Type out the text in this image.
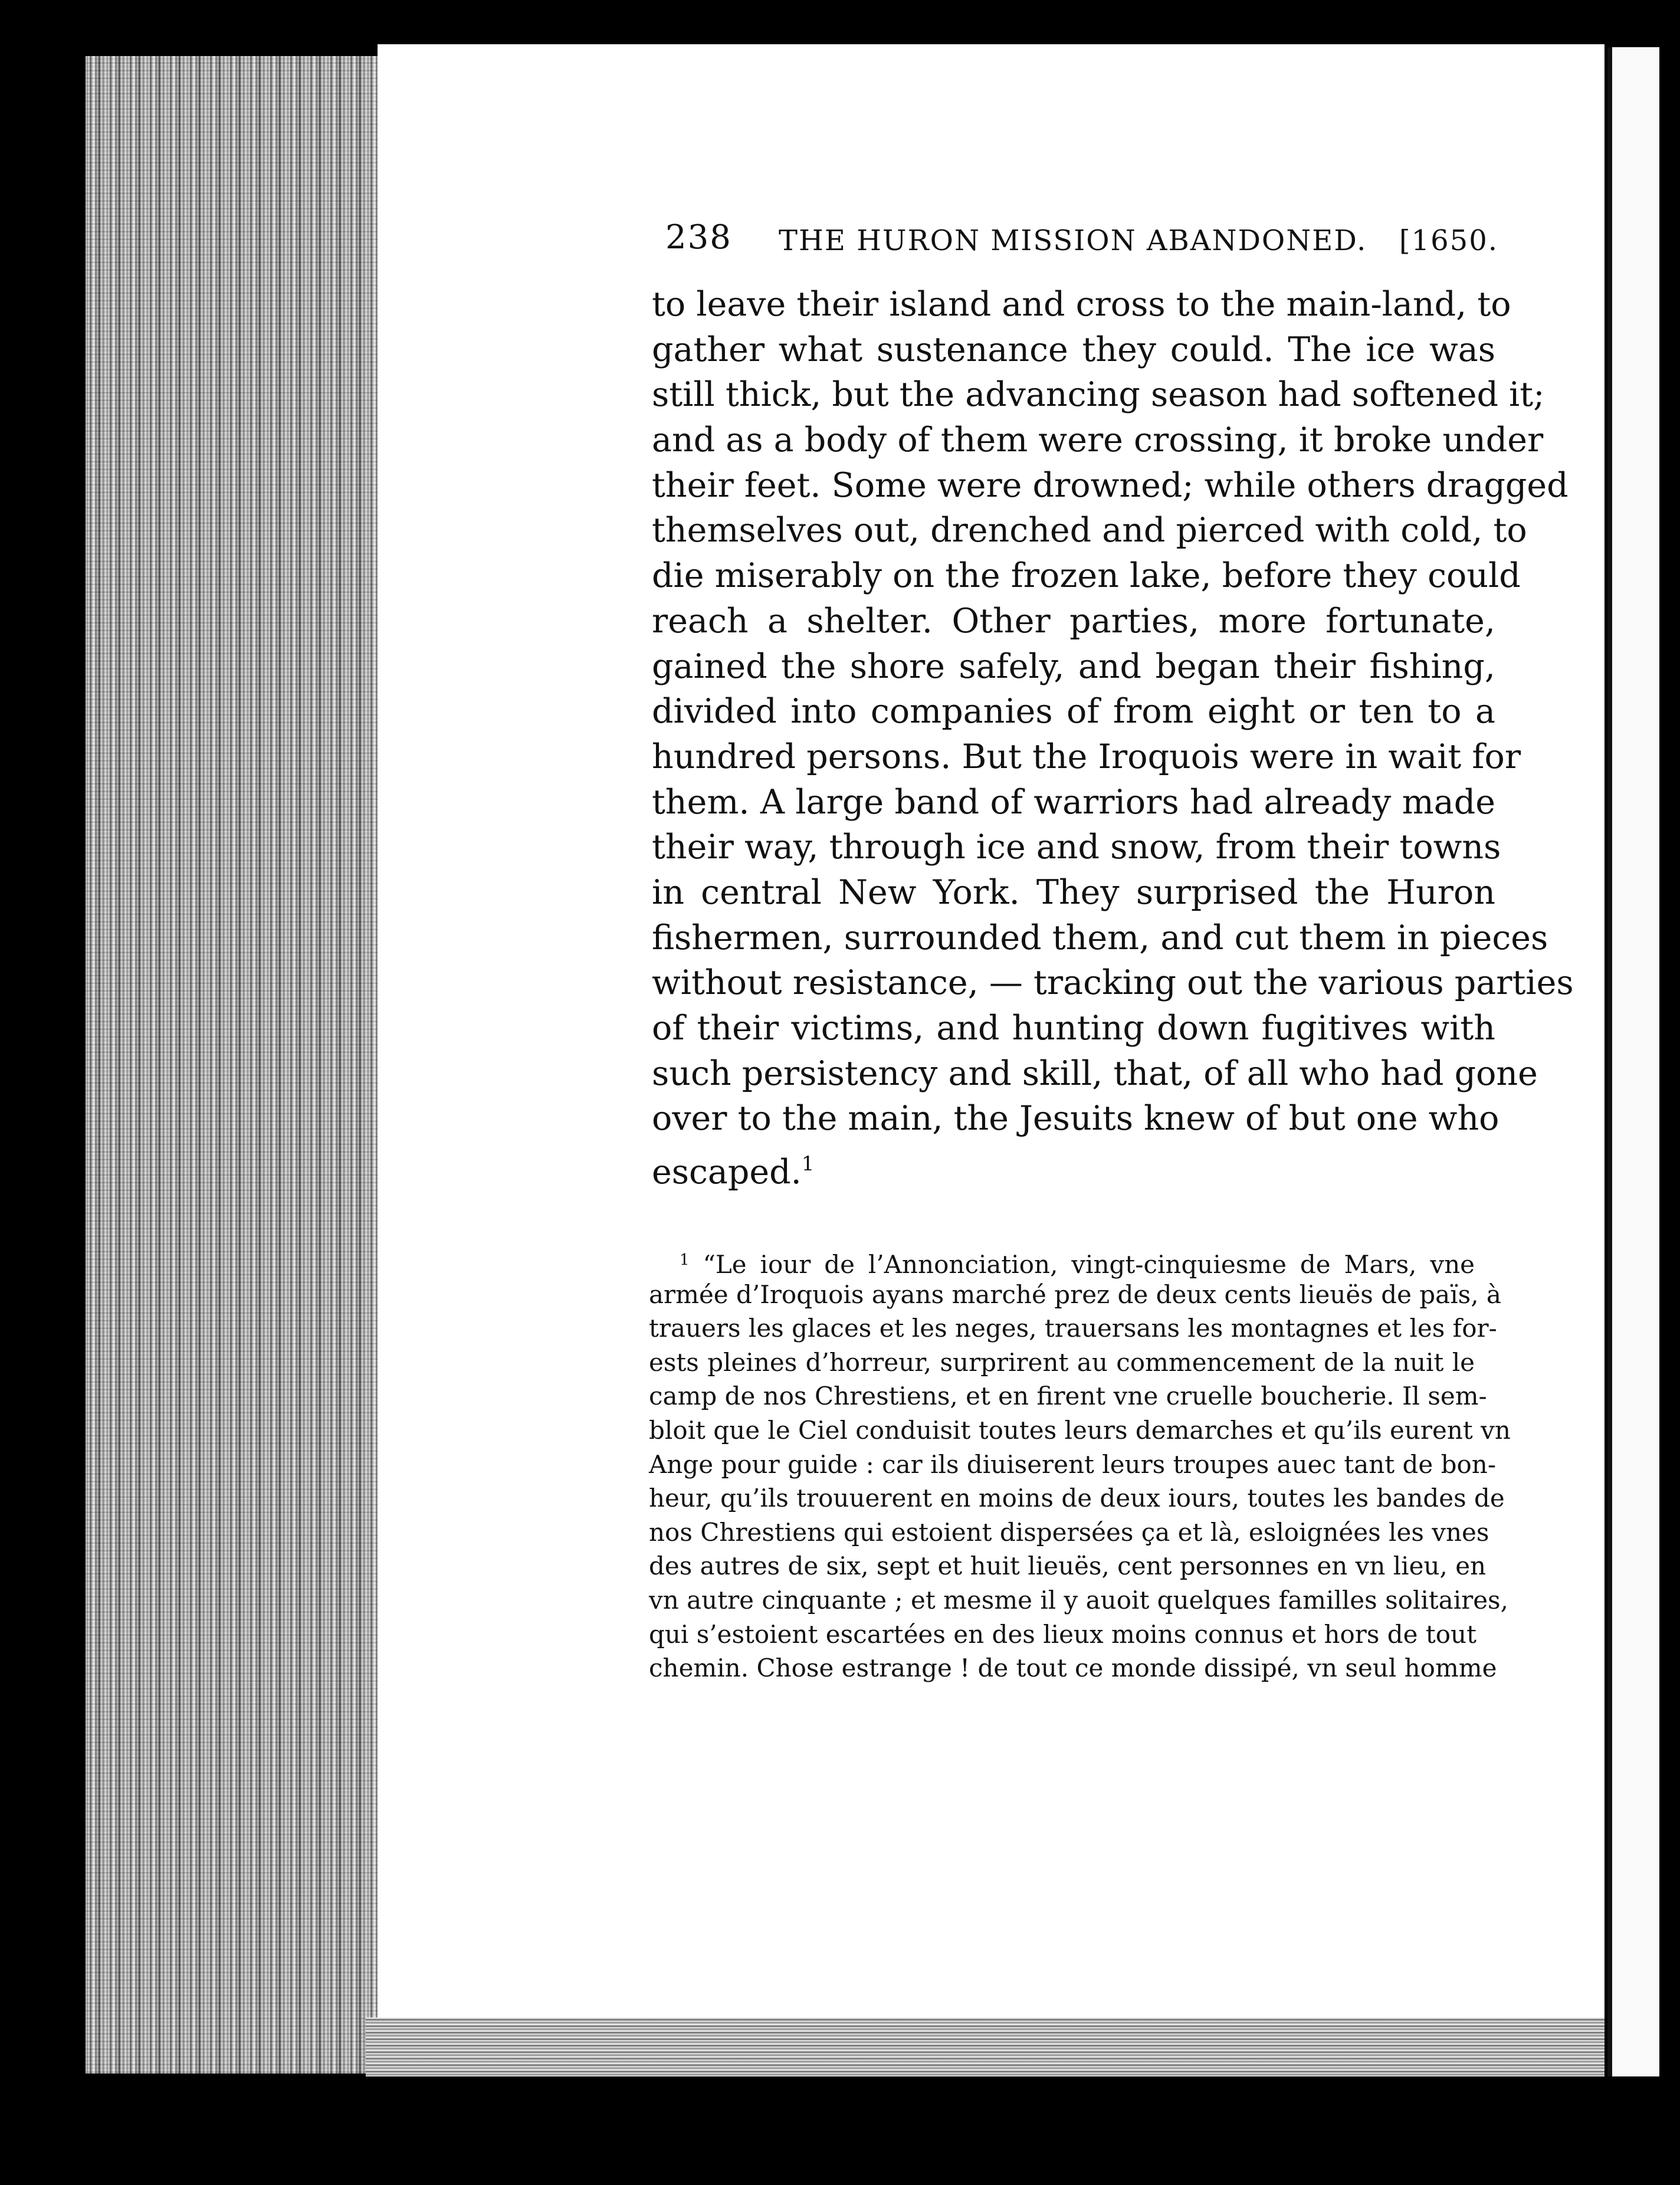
238 THE HURON MISSION ABANDONED. [1650.
to leave their island and cross to the main-land, to
gather what sustenance they could. The ice was
still thick, but the advancing season had softened it;
and as a body of them were crossing, it broke under
their feet. Some were drowned; while others dragged
themselves out, drenched and pierced with cold, to
die miserably on the frozen lake, before they could
reach a shelter. Other parties, more fortunate,
gained the shore safely, and began their fishing,
divided into companies of from eight or ten to a
hundred persons. But the Iroquois were in wait for
them. A large band of warriors had already made
their way, through ice and snow, from their towns
in central New York. They surprised the Huron
fishermen, surrounded them, and cut them in pieces
without resistance, — tracking out the various parties
of their victims, and hunting down fugitives with
such persistency and skill, that, of all who had gone
over to the main, the Jesuits knew of but one who
escaped.$^1$
$^1$ “Le iour de l’Annonciation, vingt-cinquiesme de Mars, vne
armée d’Iroquois ayans marché prez de deux cents lieuës de païs, à
trauers les glaces et les neges, trauersans les montagnes et les for-
ests pleines d’horreur, surprirent au commencement de la nuit le
camp de nos Chrestiens, et en firent vne cruelle boucherie. Il sem-
bloit que le Ciel conduisit toutes leurs demarches et qu’ils eurent vn
Ange pour guide : car ils diuiserent leurs troupes auec tant de bon-
heur, qu’ils trouuerent en moins de deux iours, toutes les bandes de
nos Chrestiens qui estoient dispersées ça et là, esloignées les vnes
des autres de six, sept et huit lieuës, cent personnes en vn lieu, en
vn autre cinquante ; et mesme il y auoit quelques familles solitaires,
qui s’estoient escartées en des lieux moins connus et hors de tout
chemin. Chose estrange ! de tout ce monde dissipé, vn seul homme
